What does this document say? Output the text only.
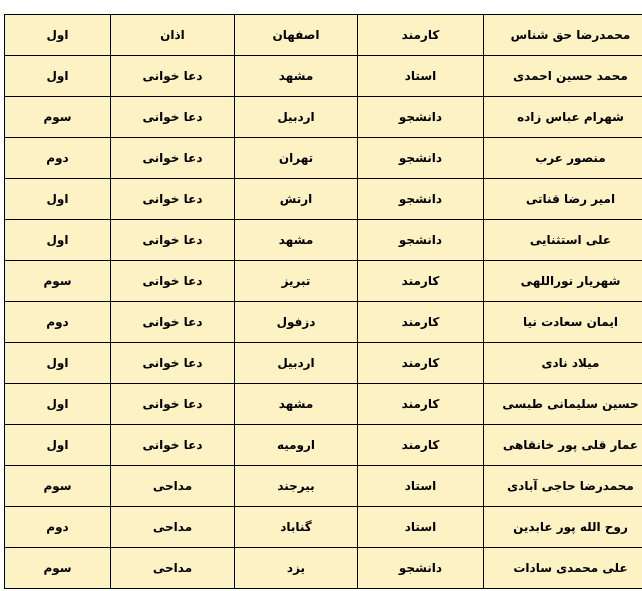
محمدرضا حق شناس	کارمند	اصفهان	اذان	اول
محمد حسین احمدی	استاد	مشهد	دعا خوانی	اول
شهرام عباس زاده	دانشجو	اردبیل	دعا خوانی	سوم
منصور عرب	دانشجو	تهران	دعا خوانی	دوم
امیر رضا قناتی	دانشجو	ارتش	دعا خوانی	اول
علی استثنایی	دانشجو	مشهد	دعا خوانی	اول
شهریار نوراللهی	کارمند	تبریز	دعا خوانی	سوم
ایمان سعادت نیا	کارمند	دزفول	دعا خوانی	دوم
میلاد نادی	کارمند	اردبیل	دعا خوانی	اول
حسین سلیمانی طبسی	کارمند	مشهد	دعا خوانی	اول
عمار قلی پور خانقاهی	کارمند	ارومیه	دعا خوانی	اول
محمدرضا حاجی آبادی	استاد	بیرجند	مداحی	سوم
روح الله پور عابدین	استاد	گناباد	مداحی	دوم
علی محمدی سادات	دانشجو	یزد	مداحی	سوم
